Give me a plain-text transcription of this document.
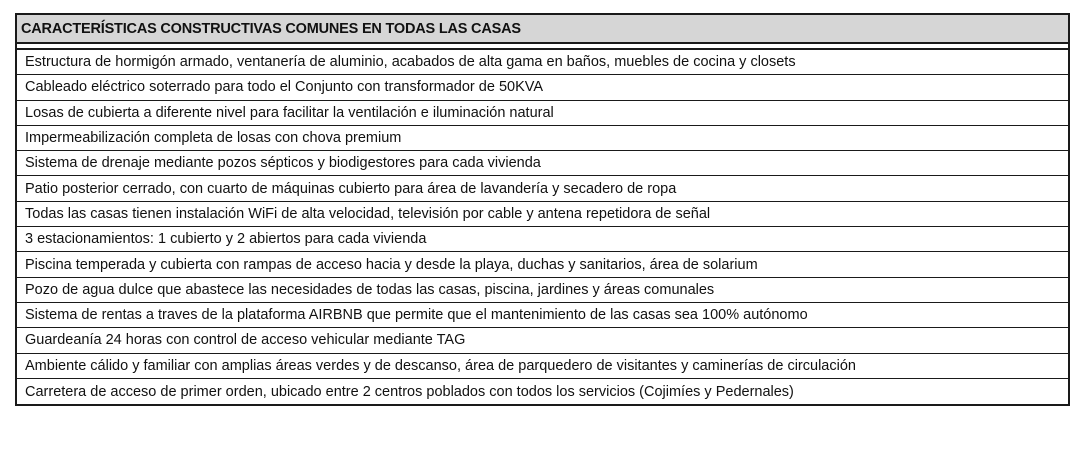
CARACTERÍSTICAS CONSTRUCTIVAS COMUNES EN TODAS LAS CASAS
Estructura de hormigón armado, ventanería de aluminio, acabados de alta gama en baños, muebles de cocina y closets
Cableado eléctrico soterrado para todo el Conjunto con transformador de 50KVA
Losas de cubierta a diferente nivel para facilitar la ventilación e iluminación natural
Impermeabilización completa de losas con chova premium
Sistema de drenaje mediante pozos sépticos y biodigestores para cada vivienda
Patio posterior cerrado, con cuarto de máquinas cubierto para área de lavandería y secadero de ropa
Todas las casas tienen instalación WiFi de alta velocidad, televisión por cable y antena repetidora de señal
3 estacionamientos: 1 cubierto y 2 abiertos para cada vivienda
Piscina temperada y cubierta con rampas de acceso hacia y desde la playa, duchas y sanitarios, área de solarium
Pozo de agua dulce que abastece las necesidades de todas las casas, piscina, jardines y áreas comunales
Sistema de rentas a traves de la plataforma AIRBNB que permite que el mantenimiento de las casas sea 100% autónomo
Guardeanía 24 horas con control de acceso vehicular mediante TAG
Ambiente cálido y familiar con amplias áreas verdes y de descanso, área de parquedero de visitantes y caminerías de circulación
Carretera de acceso de primer orden, ubicado entre 2 centros poblados con todos los servicios (Cojimíes y Pedernales)
